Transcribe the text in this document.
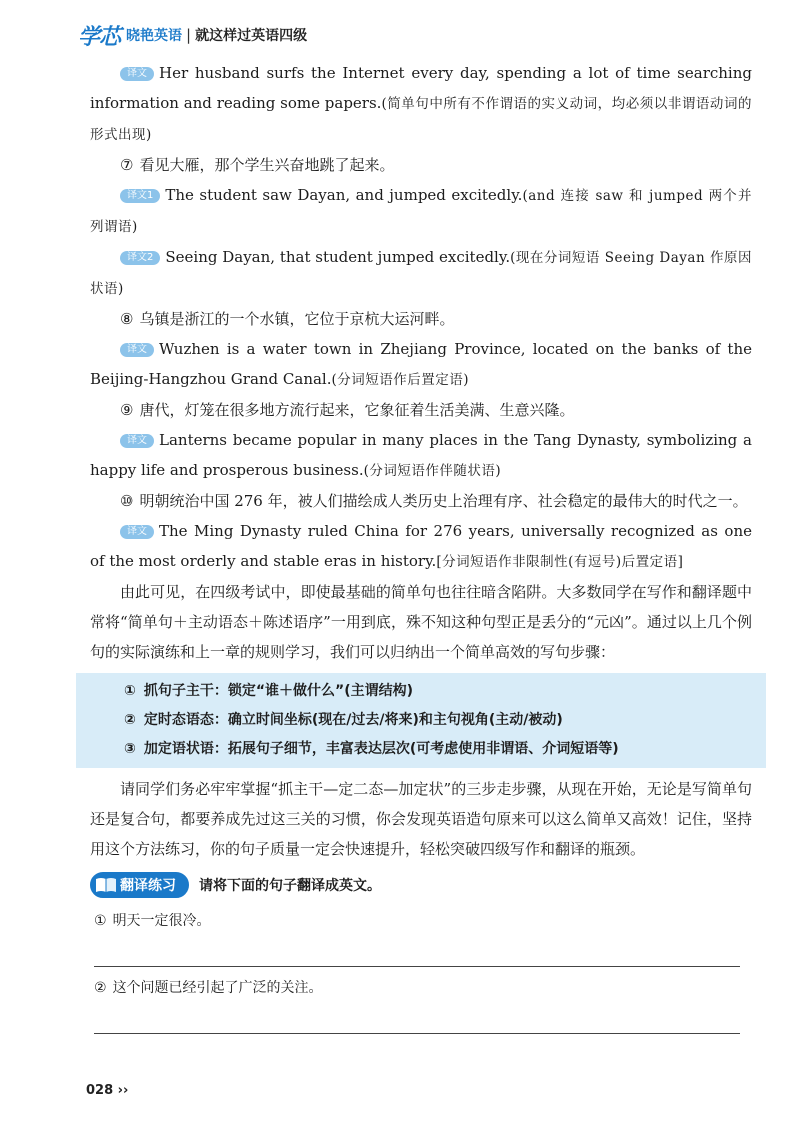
学芯 晓艳英语 | 就这样过英语四级
译文 Her husband surfs the Internet every day, spending a lot of time searching information and reading some papers.(简单句中所有不作谓语的实义动词，均必须以非谓语动词的形式出现)
⑦ 看见大雁，那个学生兴奋地跳了起来。
译文1 The student saw Dayan, and jumped excitedly.(and 连接 saw 和 jumped 两个并列谓语)
译文2 Seeing Dayan, that student jumped excitedly.(现在分词短语 Seeing Dayan 作原因状语)
⑧ 乌镇是浙江的一个水镇，它位于京杭大运河畔。
译文 Wuzhen is a water town in Zhejiang Province, located on the banks of the Beijing-Hangzhou Grand Canal.(分词短语作后置定语)
⑨ 唐代，灯笼在很多地方流行起来，它象征着生活美满、生意兴隆。
译文 Lanterns became popular in many places in the Tang Dynasty, symbolizing a happy life and prosperous business.(分词短语作伴随状语)
⑩ 明朝统治中国 276 年，被人们描绘成人类历史上治理有序、社会稳定的最伟大的时代之一。
译文 The Ming Dynasty ruled China for 276 years, universally recognized as one of the most orderly and stable eras in history.[分词短语作非限制性(有逗号)后置定语]
由此可见，在四级考试中，即使最基础的简单句也往往暗含陷阱。大多数同学在写作和翻译题中常将“简单句＋主动语态＋陈述语序”一用到底，殊不知这种句型正是丢分的“元凶”。通过以上几个例句的实际演练和上一章的规则学习，我们可以归纳出一个简单高效的写句步骤：
① 抓句子主干：锁定“谁＋做什么”(主谓结构)
② 定时态语态：确立时间坐标(现在/过去/将来)和主句视角(主动/被动)
③ 加定语状语：拓展句子细节，丰富表达层次(可考虑使用非谓语、介词短语等)
请同学们务必牢牢掌握“抓主干—定二态—加定状”的三步走步骤，从现在开始，无论是写简单句还是复合句，都要养成先过这三关的习惯，你会发现英语造句原来可以这么简单又高效！记住，坚持用这个方法练习，你的句子质量一定会快速提升，轻松突破四级写作和翻译的瓶颈。
翻译练习 请将下面的句子翻译成英文。
① 明天一定很冷。
② 这个问题已经引起了广泛的关注。
028 ››
